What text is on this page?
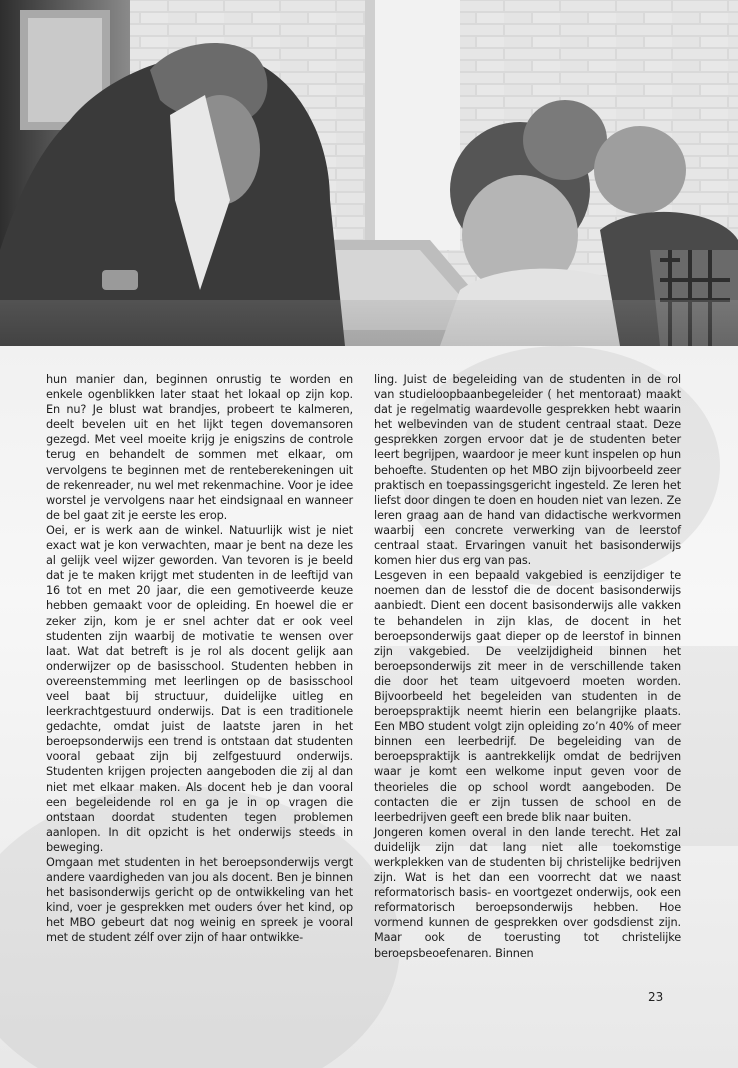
hun manier dan, beginnen onrustig te worden en enkele ogenblikken later staat het lokaal op zijn kop. En nu? Je blust wat brandjes, probeert te kalmeren, deelt bevelen uit en het lijkt tegen dovemansoren gezegd. Met veel moeite krijg je enigszins de controle terug en behandelt de sommen met elkaar, om vervolgens te beginnen met de renteberekeningen uit de rekenreader, nu wel met rekenmachine. Voor je idee worstel je vervolgens naar het eindsignaal en wanneer de bel gaat zit je eerste les erop.

Oei, er is werk aan de winkel. Natuurlijk wist je niet exact wat je kon verwachten, maar je bent na deze les al gelijk veel wijzer geworden. Van tevoren is je beeld dat je te maken krijgt met studenten in de leeftijd van 16 tot en met 20 jaar, die een gemotiveerde keuze hebben gemaakt voor de opleiding. En hoewel die er zeker zijn, kom je er snel achter dat er ook veel studenten zijn waarbij de motivatie te wensen over laat. Wat dat betreft is je rol als docent gelijk aan onderwijzer op de basisschool. Studenten hebben in overeenstemming met leerlingen op de basisschool veel baat bij structuur, duidelijke uitleg en leerkrachtgestuurd onderwijs. Dat is een traditionele gedachte, omdat juist de laatste jaren in het beroepsonderwijs een trend is ontstaan dat studenten vooral gebaat zijn bij zelfgestuurd onderwijs. Studenten krijgen projecten aangeboden die zij al dan niet met elkaar maken. Als docent heb je dan vooral een begeleidende rol en ga je in op vragen die ontstaan doordat studenten tegen problemen aanlopen. In dit opzicht is het onderwijs steeds in beweging.

Omgaan met studenten in het beroepsonderwijs vergt andere vaardigheden van jou als docent. Ben je binnen het basisonderwijs gericht op de ontwikkeling van het kind, voer je gesprekken met ouders óver het kind, op het MBO gebeurt dat nog weinig en spreek je vooral met de student zélf over zijn of haar ontwikke-

ling. Juist de begeleiding van de studenten in de rol van studieloopbaanbegeleider ( het mentoraat) maakt dat je regelmatig waardevolle gesprekken hebt waarin het welbevinden van de student centraal staat. Deze gesprekken zorgen ervoor dat je de studenten beter leert begrijpen, waardoor je meer kunt inspelen op hun behoefte. Studenten op het MBO zijn bijvoorbeeld zeer praktisch en toepassingsgericht ingesteld. Ze leren het liefst door dingen te doen en houden niet van lezen. Ze leren graag aan de hand van didactische werkvormen waarbij een concrete verwerking van de leerstof centraal staat. Ervaringen vanuit het basisonderwijs komen hier dus erg van pas.

Lesgeven in een bepaald vakgebied is eenzijdiger te noemen dan de lesstof die de docent basisonderwijs aanbiedt. Dient een docent basisonderwijs alle vakken te behandelen in zijn klas, de docent in het beroepsonderwijs gaat dieper op de leerstof in binnen zijn vakgebied. De veelzijdigheid binnen het beroepsonderwijs zit meer in de verschillende taken die door het team uitgevoerd moeten worden. Bijvoorbeeld het begeleiden van studenten in de beroepspraktijk neemt hierin een belangrijke plaats. Een MBO student volgt zijn opleiding zo’n 40% of meer binnen een leerbedrijf. De begeleiding van de beroepspraktijk is aantrekkelijk omdat de bedrijven waar je komt een welkome input geven voor de theorieles die op school wordt aangeboden. De contacten die er zijn tussen de school en de leerbedrijven geeft een brede blik naar buiten.

Jongeren komen overal in den lande terecht. Het zal duidelijk zijn dat lang niet alle toekomstige werkplekken van de studenten bij christelijke bedrijven zijn. Wat is het dan een voorrecht dat we naast reformatorisch basis- en voortgezet onderwijs, ook een reformatorisch beroepsonderwijs hebben. Hoe vormend kunnen de gesprekken over godsdienst zijn. Maar ook de toerusting tot christelijke beroepsbeoefenaren. Binnen

23
